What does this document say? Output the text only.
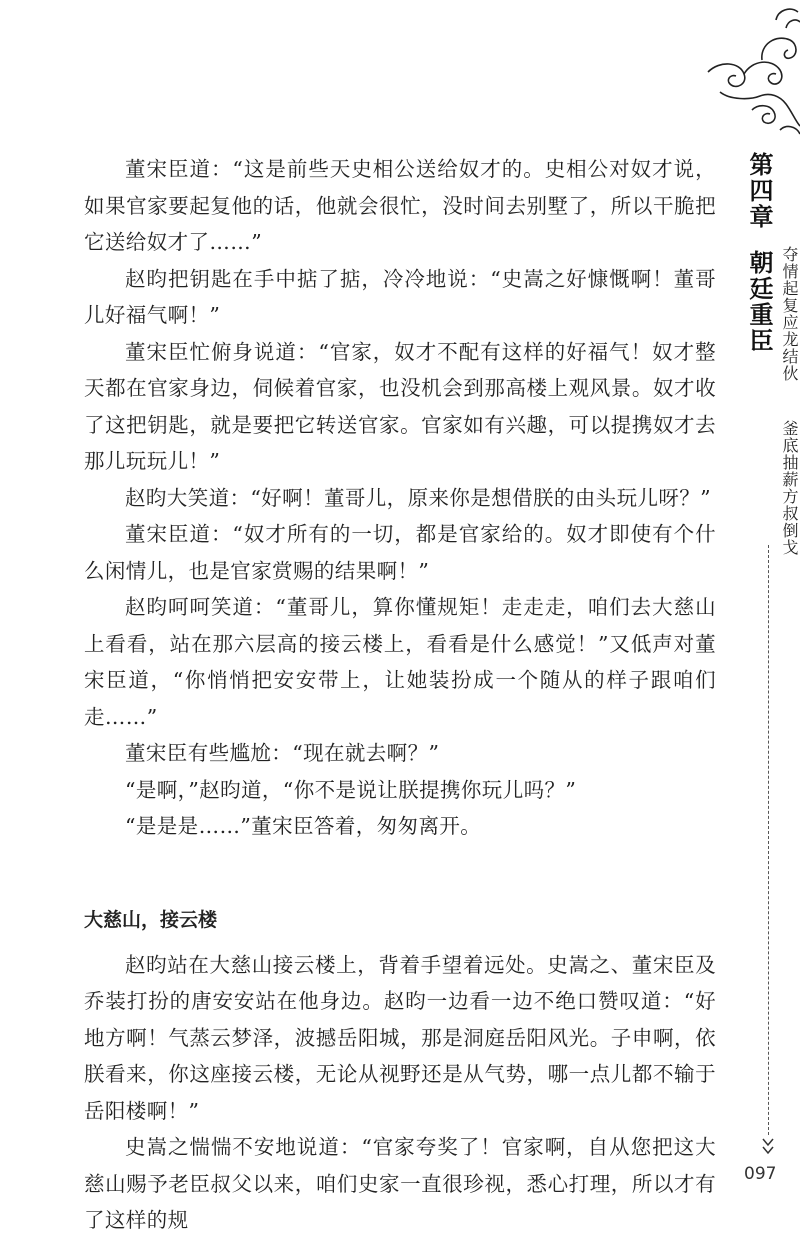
第四章
朝廷重臣 夺情起复应龙结伙
釜底抽薪方叔倒戈

董宋臣道：“这是前些天史相公送给奴才的。史相公对奴才说，如果官家要起复他的话，他就会很忙，没时间去别墅了，所以干脆把它送给奴才了……”

赵昀把钥匙在手中掂了掂，冷冷地说：“史嵩之好慷慨啊！董哥儿好福气啊！”

董宋臣忙俯身说道：“官家，奴才不配有这样的好福气！奴才整天都在官家身边，伺候着官家，也没机会到那高楼上观风景。奴才收了这把钥匙，就是要把它转送官家。官家如有兴趣，可以提携奴才去那儿玩玩儿！”

赵昀大笑道：“好啊！董哥儿，原来你是想借朕的由头玩儿呀？”

董宋臣道：“奴才所有的一切，都是官家给的。奴才即使有个什么闲情儿，也是官家赏赐的结果啊！”

赵昀呵呵笑道：“董哥儿，算你懂规矩！走走走，咱们去大慈山上看看，站在那六层高的接云楼上，看看是什么感觉！”又低声对董宋臣道，“你悄悄把安安带上，让她装扮成一个随从的样子跟咱们走……”

董宋臣有些尴尬：“现在就去啊？”

“是啊，”赵昀道，“你不是说让朕提携你玩儿吗？”

“是是是……”董宋臣答着，匆匆离开。

大慈山，接云楼

赵昀站在大慈山接云楼上，背着手望着远处。史嵩之、董宋臣及乔装打扮的唐安安站在他身边。赵昀一边看一边不绝口赞叹道：“好地方啊！气蒸云梦泽，波撼岳阳城，那是洞庭岳阳风光。子申啊，依朕看来，你这座接云楼，无论从视野还是从气势，哪一点儿都不输于岳阳楼啊！”

史嵩之惴惴不安地说道：“官家夸奖了！官家啊，自从您把这大慈山赐予老臣叔父以来，咱们史家一直很珍视，悉心打理，所以才有了这样的规

097
